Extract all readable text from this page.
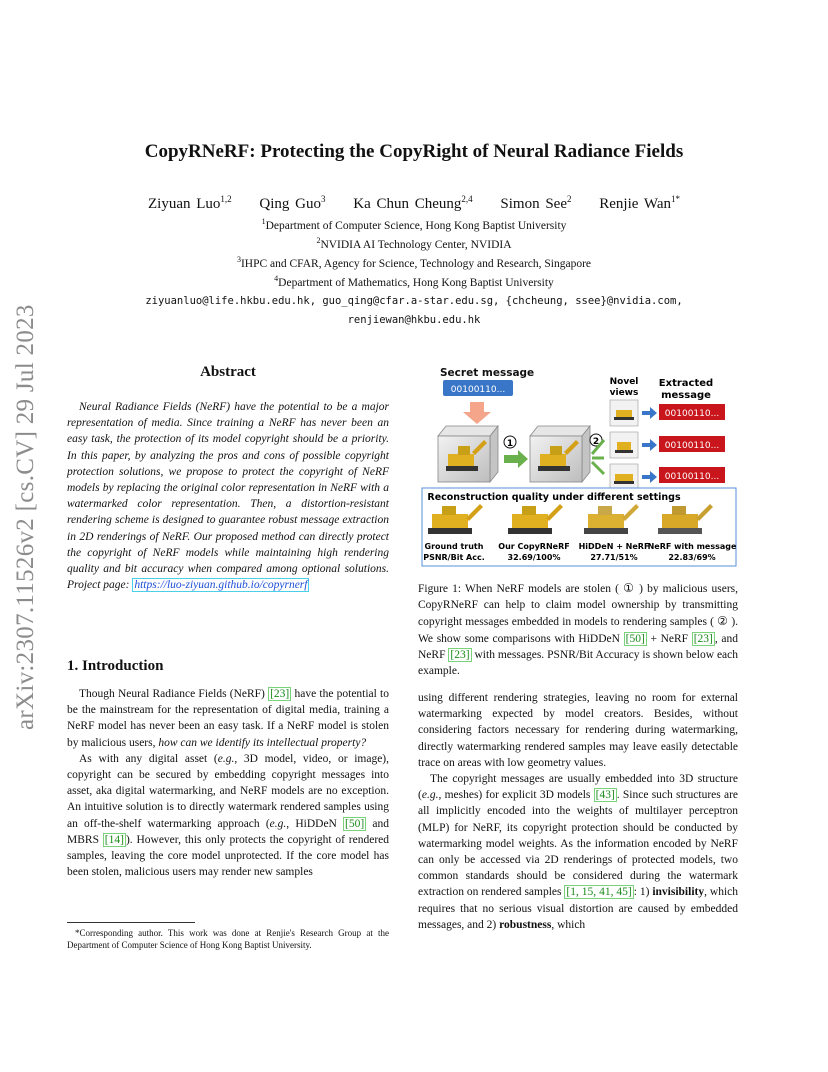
arXiv:2307.11526v2 [cs.CV] 29 Jul 2023
CopyRNeRF: Protecting the CopyRight of Neural Radiance Fields
Ziyuan Luo$^{1,2}$ Qing Guo$^3$ Ka Chun Cheung$^{2,4}$ Simon See$^2$ Renjie Wan$^{1*}$
$^1$Department of Computer Science, Hong Kong Baptist University
$^2$NVIDIA AI Technology Center, NVIDIA
$^3$IHPC and CFAR, Agency for Science, Technology and Research, Singapore
$^4$Department of Mathematics, Hong Kong Baptist University
ziyuanluo@life.hkbu.edu.hk, guo_qing@cfar.a-star.edu.sg, {chcheung, ssee}@nvidia.com,
renjiewan@hkbu.edu.hk
Abstract

Neural Radiance Fields (NeRF) have the potential to be a major representation of media. Since training a NeRF has never been an easy task, the protection of its model copyright should be a priority. In this paper, by analyzing the pros and cons of possible copyright protection solutions, we propose to protect the copyright of NeRF models by replacing the original color representation in NeRF with a watermarked color representation. Then, a distortion-resistant rendering scheme is designed to guarantee robust message extraction in 2D renderings of NeRF. Our proposed method can directly protect the copyright of NeRF models while maintaining high rendering quality and bit accuracy when compared among optional solutions. Project page: https://luo-ziyuan.github.io/copyrnerf

1. Introduction

Though Neural Radiance Fields (NeRF) [23] have the potential to be the mainstream for the representation of digital media, training a NeRF model has never been an easy task. If a NeRF model is stolen by malicious users, how can we identify its intellectual property?

As with any digital asset (e.g., 3D model, video, or image), copyright can be secured by embedding copyright messages into asset, aka digital watermarking, and NeRF models are no exception. An intuitive solution is to directly watermark rendered samples using an off-the-shelf watermarking approach (e.g., HiDDeN [50] and MBRS [14] ). However, this only protects the copyright of rendered samples, leaving the core model unprotected. If the core model has been stolen, malicious users may render new samples

*Corresponding author. This work was done at Renjie's Research Group at the Department of Computer Science of Hong Kong Baptist University.

Secret message
00100110...
1	2
Novel
views
Extracted
message
00100110...
00100110...
00100110...
Reconstruction quality under different settings
Ground truth
PSNR/Bit Acc.
Our CopyRNeRF
32.69/100%
HiDDeN + NeRF
27.71/51%
NeRF with message
22.83/69%

Figure 1: When NeRF models are stolen ( ① ) by malicious users, CopyRNeRF can help to claim model ownership by transmitting copyright messages embedded in models to rendering samples ( ② ). We show some comparisons with HiDDeN [50] + NeRF [23] , and NeRF [23] with messages. PSNR/Bit Accuracy is shown below each example.

using different rendering strategies, leaving no room for external watermarking expected by model creators. Besides, without considering factors necessary for rendering during watermarking, directly watermarking rendered samples may leave easily detectable trace on areas with low geometry values.

The copyright messages are usually embedded into 3D structure (e.g., meshes) for explicit 3D models [43] . Since such structures are all implicitly encoded into the weights of multilayer perceptron (MLP) for NeRF, its copyright protection should be conducted by watermarking model weights. As the information encoded by NeRF can only be accessed via 2D renderings of protected models, two common standards should be considered during the watermark extraction on rendered samples [1, 15, 41, 45] : 1) invisibility, which requires that no serious visual distortion are caused by embedded messages, and 2) robustness, which
